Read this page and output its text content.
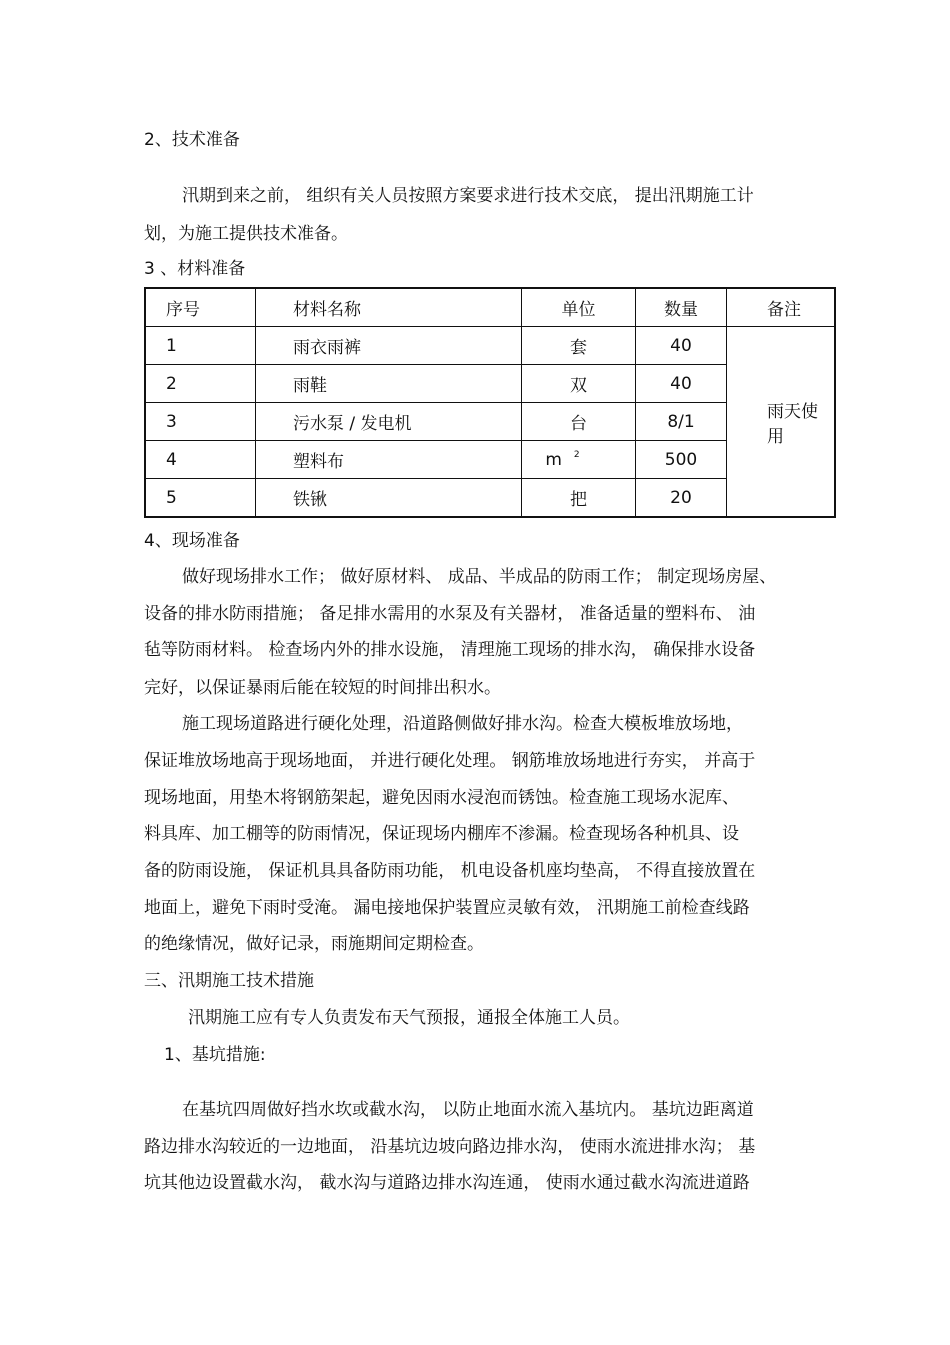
2、技术准备
汛期到来之前， 组织有关人员按照方案要求进行技术交底， 提出汛期施工计
划，为施工提供技术准备。
3 、材料准备
序号	材料名称	单位	数量	备注
1	雨衣雨裤	套	40	雨天使用
2	雨鞋	双	40	
3	污水泵 / 发电机	台	8/1	
4	塑料布	m $^2$	500	
5	铁锹	把	20	
4、现场准备
做好现场排水工作； 做好原材料、 成品、半成品的防雨工作； 制定现场房屋、
设备的排水防雨措施； 备足排水需用的水泵及有关器材， 准备适量的塑料布、 油
毡等防雨材料。 检查场内外的排水设施， 清理施工现场的排水沟， 确保排水设备
完好，以保证暴雨后能在较短的时间排出积水。
施工现场道路进行硬化处理，沿道路侧做好排水沟。检查大模板堆放场地，
保证堆放场地高于现场地面， 并进行硬化处理。 钢筋堆放场地进行夯实， 并高于
现场地面，用垫木将钢筋架起，避免因雨水浸泡而锈蚀。检查施工现场水泥库、
料具库、加工棚等的防雨情况，保证现场内棚库不渗漏。检查现场各种机具、设
备的防雨设施， 保证机具具备防雨功能， 机电设备机座均垫高， 不得直接放置在
地面上，避免下雨时受淹。 漏电接地保护装置应灵敏有效， 汛期施工前检查线路
的绝缘情况，做好记录，雨施期间定期检查。
三、汛期施工技术措施
汛期施工应有专人负责发布天气预报，通报全体施工人员。
1、基坑措施:
在基坑四周做好挡水坎或截水沟， 以防止地面水流入基坑内。 基坑边距离道
路边排水沟较近的一边地面， 沿基坑边坡向路边排水沟， 使雨水流进排水沟； 基
坑其他边设置截水沟， 截水沟与道路边排水沟连通， 使雨水通过截水沟流进道路
